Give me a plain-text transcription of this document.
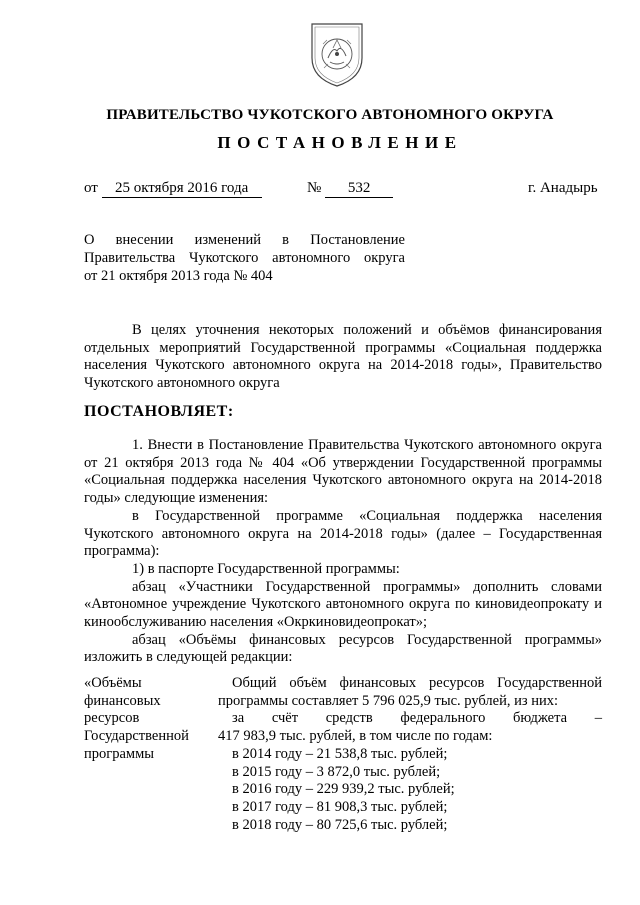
ПРАВИТЕЛЬСТВО ЧУКОТСКОГО АВТОНОМНОГО ОКРУГА
ПОСТАНОВЛЕНИЕ
от 25 октября 2016 года	№ 532	г. Анадырь
О внесении изменений в Постановление
Правительства Чукотского автономного округа
от 21 октября 2013 года № 404

В целях уточнения некоторых положений и объёмов финансирования отдельных мероприятий Государственной программы «Социальная поддержка населения Чукотского автономного округа на 2014-2018 годы», Правительство Чукотского автономного округа

ПОСТАНОВЛЯЕТ:

1. Внести в Постановление Правительства Чукотского автономного округа от 21 октября 2013 года № 404 «Об утверждении Государственной программы «Социальная поддержка населения Чукотского автономного округа на 2014-2018 годы» следующие изменения:

в Государственной программе «Социальная поддержка населения Чукотского автономного округа на 2014-2018 годы» (далее – Государственная программа):

1) в паспорте Государственной программы:

абзац «Участники Государственной программы» дополнить словами «Автономное учреждение Чукотского автономного округа по киновидеопрокату и кинообслуживанию населения «Окркиновидеопрокат»;

абзац «Объёмы финансовых ресурсов Государственной программы» изложить в следующей редакции:

«Объёмы
финансовых
ресурсов
Государственной
программы

Общий объём финансовых ресурсов Государственной программы составляет 5 796 025,9 тыс. рублей, из них:

за счёт средств федерального бюджета –

417 983,9 тыс. рублей, в том числе по годам:

в 2014 году – 21 538,8 тыс. рублей;

в 2015 году – 3 872,0 тыс. рублей;

в 2016 году – 229 939,2 тыс. рублей;

в 2017 году – 81 908,3 тыс. рублей;

в 2018 году – 80 725,6 тыс. рублей;
